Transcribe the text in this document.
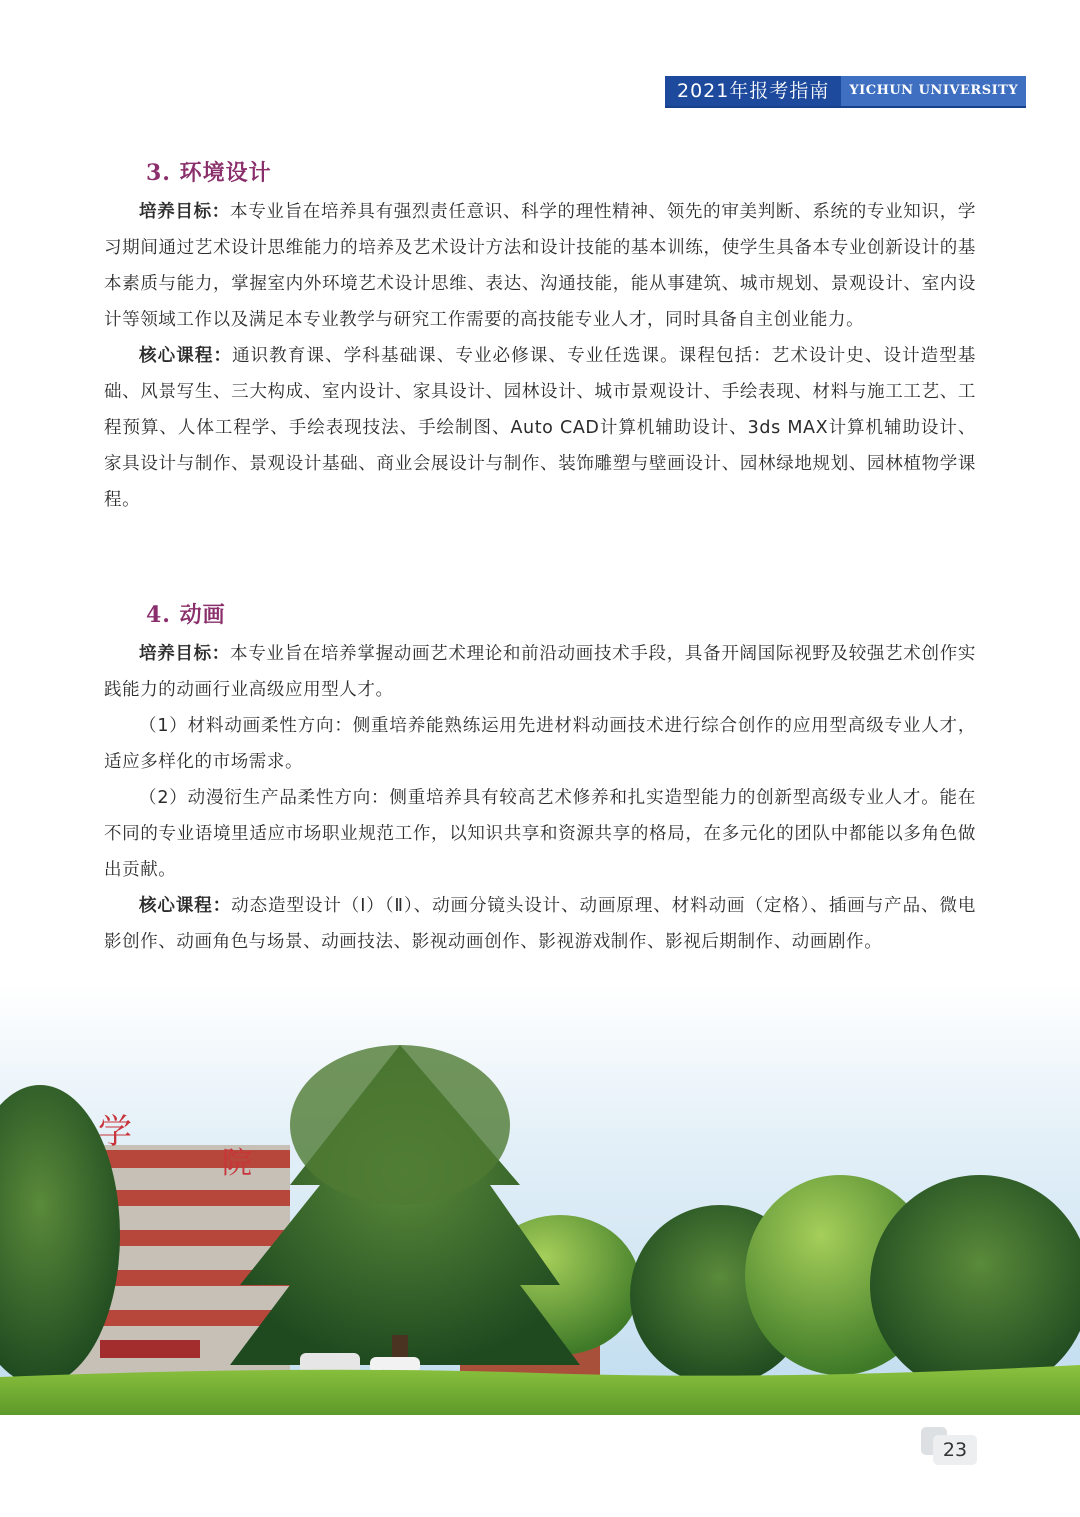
2021年报考指南	YICHUN UNIVERSITY
3. 环境设计

培养目标：本专业旨在培养具有强烈责任意识、科学的理性精神、领先的审美判断、系统的专业知识，学习期间通过艺术设计思维能力的培养及艺术设计方法和设计技能的基本训练，使学生具备本专业创新设计的基本素质与能力，掌握室内外环境艺术设计思维、表达、沟通技能，能从事建筑、城市规划、景观设计、室内设计等领域工作以及满足本专业教学与研究工作需要的高技能专业人才，同时具备自主创业能力。

核心课程：通识教育课、学科基础课、专业必修课、专业任选课。课程包括：艺术设计史、设计造型基础、风景写生、三大构成、室内设计、家具设计、园林设计、城市景观设计、手绘表现、材料与施工工艺、工程预算、人体工程学、手绘表现技法、手绘制图、Auto CAD计算机辅助设计、3ds MAX计算机辅助设计、家具设计与制作、景观设计基础、商业会展设计与制作、装饰雕塑与壁画设计、园林绿地规划、园林植物学课程。

4. 动画

培养目标：本专业旨在培养掌握动画艺术理论和前沿动画技术手段，具备开阔国际视野及较强艺术创作实践能力的动画行业高级应用型人才。

（1）材料动画柔性方向：侧重培养能熟练运用先进材料动画技术进行综合创作的应用型高级专业人才，适应多样化的市场需求。

（2）动漫衍生产品柔性方向：侧重培养具有较高艺术修养和扎实造型能力的创新型高级专业人才。能在不同的专业语境里适应市场职业规范工作，以知识共享和资源共享的格局，在多元化的团队中都能以多角色做出贡献。

核心课程：动态造型设计（Ⅰ）（Ⅱ）、动画分镜头设计、动画原理、材料动画（定格）、插画与产品、微电影创作、动画角色与场景、动画技法、影视动画创作、影视游戏制作、影视后期制作、动画剧作。

学
院
23
